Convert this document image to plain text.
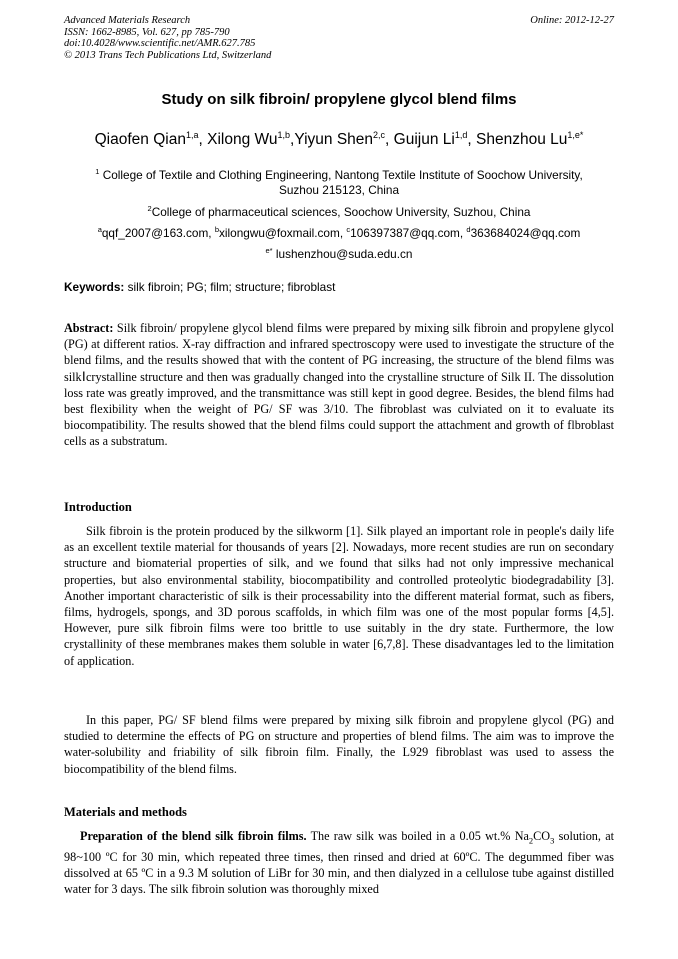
Advanced Materials Research
ISSN: 1662-8985, Vol. 627, pp 785-790
doi:10.4028/www.scientific.net/AMR.627.785
© 2013 Trans Tech Publications Ltd, Switzerland
Online: 2012-12-27
Study on silk fibroin/ propylene glycol blend films
Qiaofen Qian$^{1,a}$, Xilong Wu$^{1,b}$,Yiyun Shen$^{2,c}$, Guijun Li$^{1,d}$, Shenzhou $Lu^{1,e*}$
$^1$ College of Textile and Clothing Engineering, Nantong Textile Institute of Soochow University,
Suzhou 215123, China
$^2$College of pharmaceutical sciences, Soochow University, Suzhou, China
$^a$qqf_2007@163.com, $^b$xilongwu@foxmail.com, $^c$106397387@qq.com, $^d$363684024@qq.com
$^{e*}$ lushenzhou@suda.edu.cn
Keywords: silk fibroin; PG; film; structure; fibroblast
Abstract: Silk fibroin/ propylene glycol blend films were prepared by mixing silk fibroin and propylene glycol (PG) at different ratios. X-ray diffraction and infrared spectroscopy were used to investigate the structure of the blend films, and the results showed that with the content of PG increasing, the structure of the blend films was silkⅠcrystalline structure and then was gradually changed into the crystalline structure of Silk II. The dissolution loss rate was greatly improved, and the transmittance was still kept in good degree. Besides, the blend films had best flexibility when the weight of PG/ SF was 3/10. The fibroblast was culviated on it to evaluate its biocompatibility. The results showed that the blend films could support the attachment and growth of flbroblast cells as a substratum.
Introduction
Silk fibroin is the protein produced by the silkworm [1]. Silk played an important role in people's daily life as an excellent textile material for thousands of years [2]. Nowadays, more recent studies are run on secondary structure and biomaterial properties of silk, and we found that silks had not only impressive mechanical properties, but also environmental stability, biocompatibility and controlled proteolytic biodegradability [3]. Another important characteristic of silk is their processability into the different material format, such as fibers, films, hydrogels, spongs, and 3D porous scaffolds, in which film was one of the most popular forms [4,5]. However, pure silk fibroin films were too brittle to use suitably in the dry state. Furthermore, the low crystallinity of these membranes makes them soluble in water [6,7,8]. These disadvantages led to the limitation of application.
In this paper, PG/ SF blend films were prepared by mixing silk fibroin and propylene glycol (PG) and studied to determine the effects of PG on structure and properties of blend films. The aim was to improve the water-solubility and friability of silk fibroin film. Finally, the L929 fibroblast was used to assess the biocompatibility of the blend films.
Materials and methods
Preparation of the blend silk fibroin films. The raw silk was boiled in a 0.05 wt.% $Na_2CO_3$ solution, at 98~100 ºC for 30 min, which repeated three times, then rinsed and dried at 60ºC. The degummed fiber was dissolved at 65 ºC in a 9.3 M solution of LiBr for 30 min, and then dialyzed in a cellulose tube against distilled water for 3 days. The silk fibroin solution was thoroughly mixed
